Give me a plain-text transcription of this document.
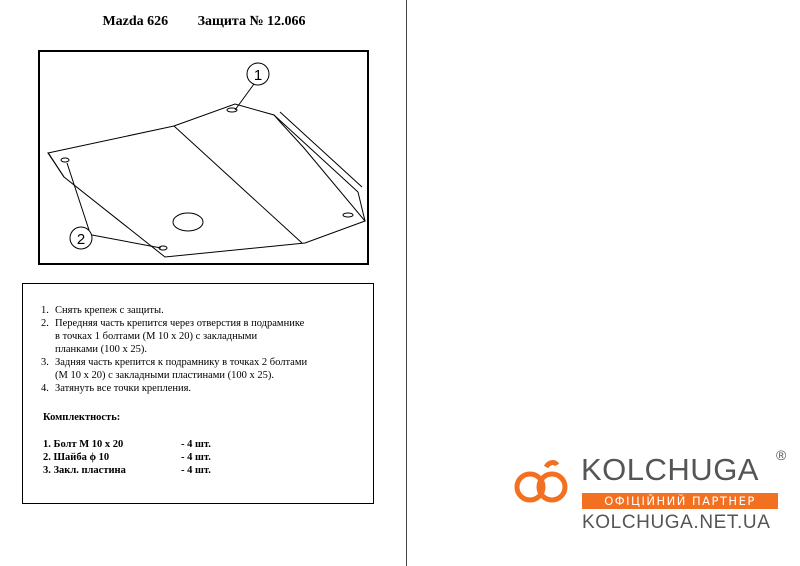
Mazda 626 Защита № 12.066
1
2
1. Снять крепеж с защиты.
2. Передняя часть крепится через отверстия в подрамнике
в точках 1 болтами (M 10 x 20) с закладными
планками (100 x 25).
3. Задняя часть крепится к подрамнику в точках 2 болтами
(M 10 x 20) с закладными пластинами (100 x 25).
4. Затянуть все точки крепления.
Комплектность:
1. Болт M 10 x 20	- 4 шт.
2. Шайба ϕ 10	- 4 шт.
3. Закл. пластина	- 4 шт.	KOLCHUGA ®
ОФІЦІЙНИЙ ПАРТНЕР
KOLCHUGA.NET.UA
